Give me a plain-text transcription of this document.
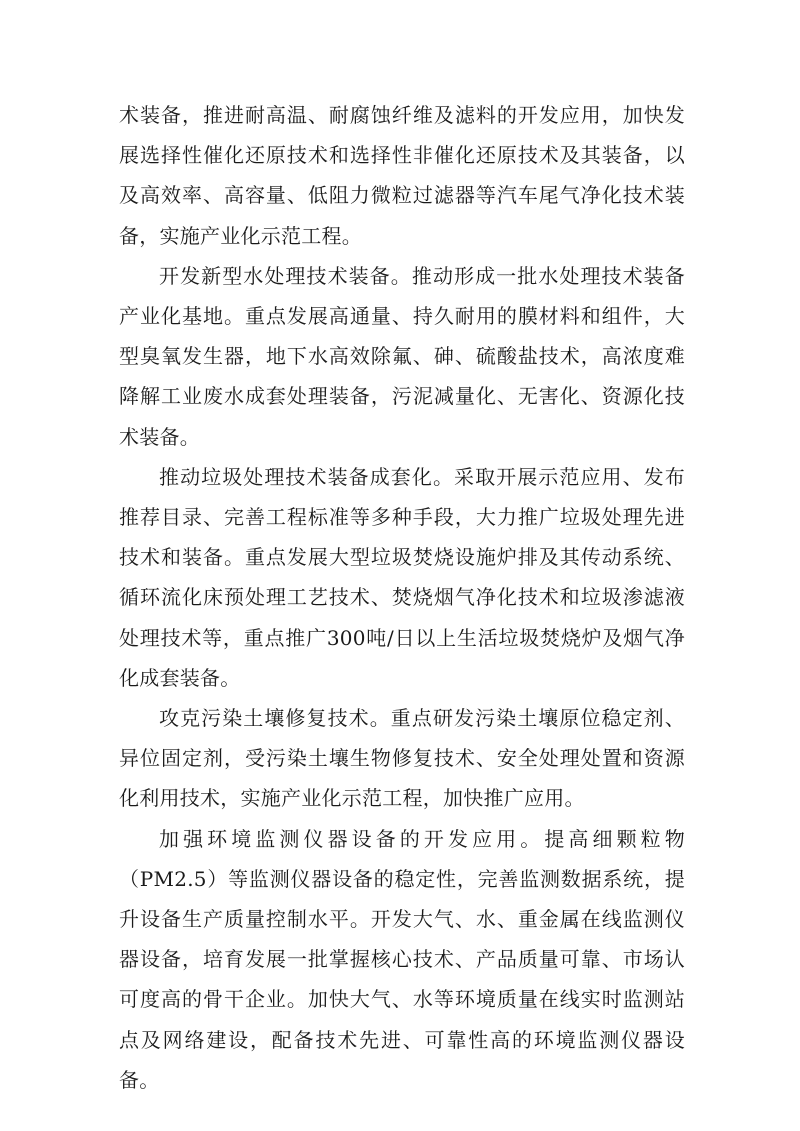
术装备，推进耐高温、耐腐蚀纤维及滤料的开发应用，加快发展选择性催化还原技术和选择性非催化还原技术及其装备，以及高效率、高容量、低阻力微粒过滤器等汽车尾气净化技术装备，实施产业化示范工程。

开发新型水处理技术装备。推动形成一批水处理技术装备产业化基地。重点发展高通量、持久耐用的膜材料和组件，大型臭氧发生器，地下水高效除氟、砷、硫酸盐技术，高浓度难降解工业废水成套处理装备，污泥减量化、无害化、资源化技术装备。

推动垃圾处理技术装备成套化。采取开展示范应用、发布推荐目录、完善工程标准等多种手段，大力推广垃圾处理先进技术和装备。重点发展大型垃圾焚烧设施炉排及其传动系统、循环流化床预处理工艺技术、焚烧烟气净化技术和垃圾渗滤液处理技术等，重点推广300吨/日以上生活垃圾焚烧炉及烟气净化成套装备。

攻克污染土壤修复技术。重点研发污染土壤原位稳定剂、异位固定剂，受污染土壤生物修复技术、安全处理处置和资源化利用技术，实施产业化示范工程，加快推广应用。

加强环境监测仪器设备的开发应用。提高细颗粒物（PM2.5）等监测仪器设备的稳定性，完善监测数据系统，提升设备生产质量控制水平。开发大气、水、重金属在线监测仪器设备，培育发展一批掌握核心技术、产品质量可靠、市场认可度高的骨干企业。加快大气、水等环境质量在线实时监测站点及网络建设，配备技术先进、可靠性高的环境监测仪器设备。
